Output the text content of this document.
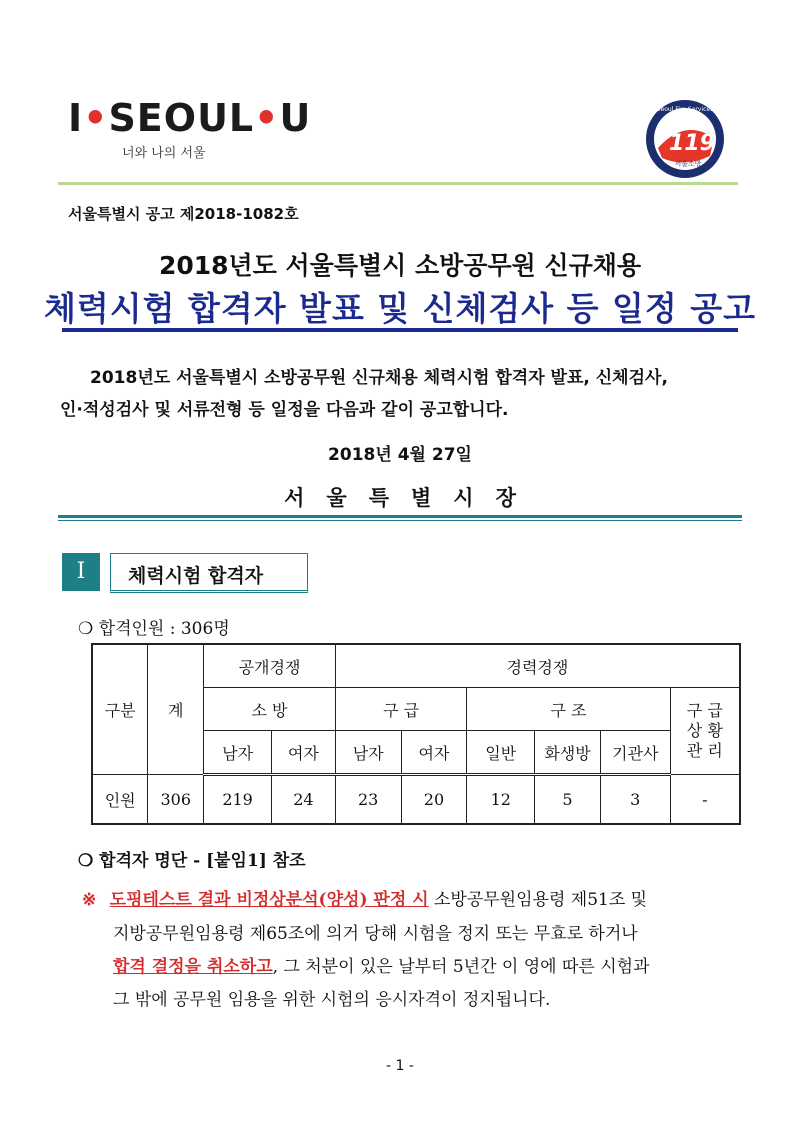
I•SEOUL•U
너와 나의 서울
Seoul Fire Services
119
서울소방
서울특별시 공고 제2018-1082호
2018년도 서울특별시 소방공무원 신규채용
체력시험 합격자 발표 및 신체검사 등 일정 공고
2018년도 서울특별시 소방공무원 신규채용 체력시험 합격자 발표, 신체검사,
인·적성검사 및 서류전형 등 일정을 다음과 같이 공고합니다.
2018년 4월 27일
서울특별시장
I	체력시험 합격자
❍ 합격인원 : 306명
구분	계	공개경쟁		경력경쟁					
		소 방		구 급		구 조			구 급 상 황 관 리
		남자	여자	남자	여자	일반	화생방	기관사	
인원	306	219	24	23	20	12	5	3	-
❍ 합격자 명단 - [붙임1] 참조
※ 도핑테스트 결과 비정상분석(양성) 판정 시 소방공무원임용령 제51조 및
지방공무원임용령 제65조에 의거 당해 시험을 정지 또는 무효로 하거나
합격 결정을 취소하고, 그 처분이 있은 날부터 5년간 이 영에 따른 시험과
그 밖에 공무원 임용을 위한 시험의 응시자격이 정지됩니다.
- 1 -
